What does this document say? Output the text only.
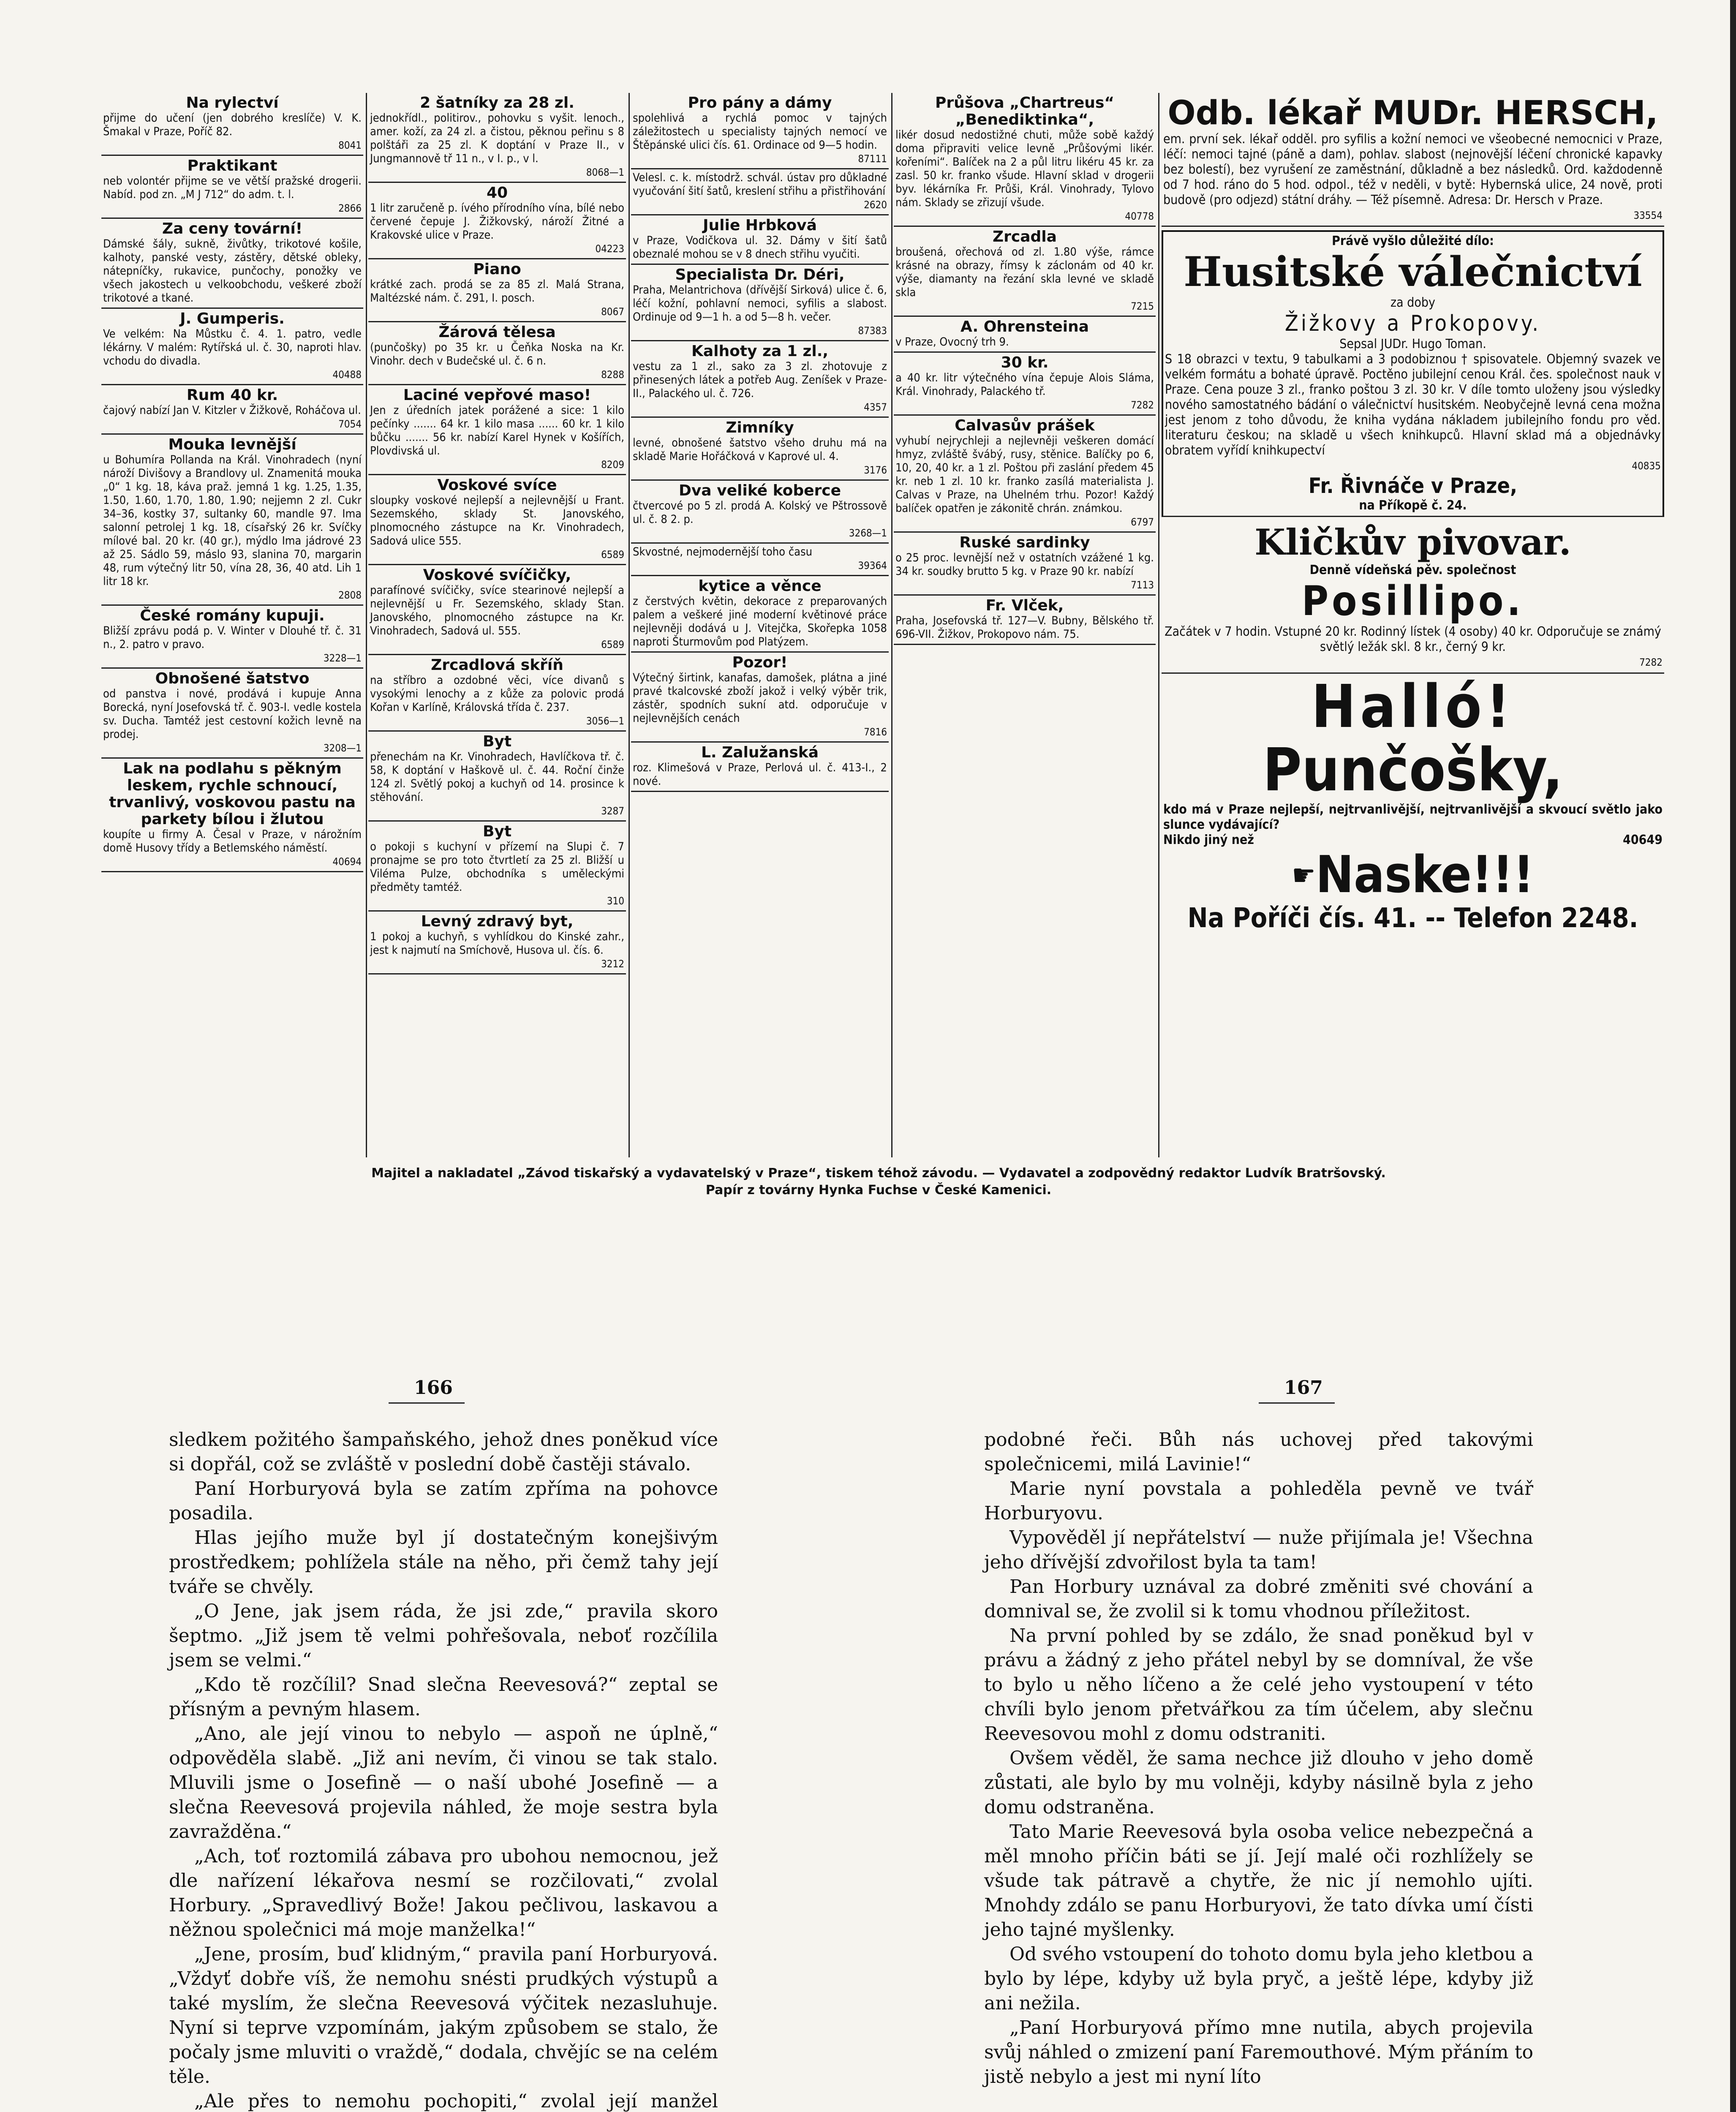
Na rylectví
přijme do učení (jen dobrého kreslíče) V. K. Šmakal v Praze, Poříč 82.
8041
Praktikant
neb volontér přijme se ve větší pražské drogerii. Nabíd. pod zn. „M J 712“ do adm. t. l.
2866
Za ceny tovární!
Dámské šály, sukně, živůtky, trikotové košile, kalhoty, panské vesty, zástěry, dětské obleky, nátepníčky, rukavice, punčochy, ponožky ve všech jakostech u velkoobchodu, veškeré zboží trikotové a tkané.
J. Gumperis.
Ve velkém: Na Můstku č. 4. 1. patro, vedle lékárny. V malém: Rytířská ul. č. 30, naproti hlav. vchodu do divadla.
40488
Rum 40 kr.
čajový nabízí Jan V. Kitzler v Žižkově, Roháčova ul.
7054
Mouka levnější
u Bohumíra Pollanda na Král. Vinohradech (nyní nároží Divišovy a Brandlovy ul. Znamenitá mouka „0“ 1 kg. 18, káva praž. jemná 1 kg. 1.25, 1.35, 1.50, 1.60, 1.70, 1.80, 1.90; nejjemn 2 zl. Cukr 34–36, kostky 37, sultanky 60, mandle 97. Ima salonní petrolej 1 kg. 18, císařský 26 kr. Svíčky mílové bal. 20 kr. (40 gr.), mýdlo Ima jádrové 23 až 25. Sádlo 59, máslo 93, slanina 70, margarin 48, rum výtečný litr 50, vína 28, 36, 40 atd. Lih 1 litr 18 kr.
2808
České romány kupuji.
Bližší zprávu podá p. V. Winter v Dlouhé tř. č. 31 n., 2. patro v pravo.
3228—1
Obnošené šatstvo
od panstva i nové, prodává i kupuje Anna Borecká, nyní Josefovská tř. č. 903-I. vedle kostela sv. Ducha. Tamtéž jest cestovní kožich levně na prodej.
3208—1
Lak na podlahu s pěkným leskem, rychle schnoucí, trvanlivý, voskovou pastu na parkety bílou i žlutou
koupíte u firmy A. Česal v Praze, v nárožním domě Husovy třídy a Betlemského náměstí.
40694
2 šatníky za 28 zl.
jednokřídl., politirov., pohovku s vyšit. lenoch., amer. koží, za 24 zl. a čistou, pěknou peřinu s 8 polštáři za 25 zl. K doptání v Praze II., v Jungmannově tř 11 n., v I. p., v l.
8068—1
40
1 litr zaručeně p. ívého přírodního vína, bílé nebo červené čepuje J. Žižkovský, nároží Žitné a Krakovské ulice v Praze.
04223
Piano
krátké zach. prodá se za 85 zl. Malá Strana, Maltézské nám. č. 291, I. posch.
8067
Žárová tělesa
(punčošky) po 35 kr. u Čeňka Noska na Kr. Vinohr. dech v Budečské ul. č. 6 n.
8288
Laciné vepřové maso!
Jen z úředních jatek porážené a sice: 1 kilo pečínky ....... 64 kr. 1 kilo masa ...... 60 kr. 1 kilo bůčku ....... 56 kr. nabízí Karel Hynek v Košířích, Plovdivská ul.
8209
Voskové svíce
sloupky voskové nejlepší a nejlevnější u Frant. Sezemského, sklady St. Janovského, plnomocného zástupce na Kr. Vinohradech, Sadová ulice 555.
6589
Voskové svíčičky,
parafínové svíčičky, svíce stearinové nejlepší a nejlevnější u Fr. Sezemského, sklady Stan. Janovského, plnomocného zástupce na Kr. Vinohradech, Sadová ul. 555.
6589
Zrcadlová skříň
na stříbro a ozdobné věci, více divanů s vysokými lenochy a z kůže za polovic prodá Kořan v Karlíně, Královská třída č. 237.
3056—1
Byt
přenechám na Kr. Vinohradech, Havlíčkova tř. č. 58, K doptání v Haškově ul. č. 44. Roční činže 124 zl. Světlý pokoj a kuchyň od 14. prosince k stěhování.
3287
Byt
o pokoji s kuchyní v přízemí na Slupi č. 7 pronajme se pro toto čtvrtletí za 25 zl. Bližší u Viléma Pulze, obchodníka s uměleckými předměty tamtéž.
310
Levný zdravý byt,
1 pokoj a kuchyň, s vyhlídkou do Kinské zahr., jest k najmutí na Smíchově, Husova ul. čís. 6.
3212
Pro pány a dámy
spolehlivá a rychlá pomoc v tajných záležitostech u specialisty tajných nemocí ve Štěpánské ulici čís. 61. Ordinace od 9—5 hodin.
87111
Velesl. c. k. místodrž. schvál. ústav pro důkladné vyučování šití šatů, kreslení střihu a přistřihování
2620
Julie Hrbková
v Praze, Vodičkova ul. 32. Dámy v šití šatů obeznalé mohou se v 8 dnech střihu vyučiti.
Specialista Dr. Déri,
Praha, Melantrichova (dřívější Sirková) ulice č. 6, léčí kožní, pohlavní nemoci, syfilis a slabost. Ordinuje od 9—1 h. a od 5—8 h. večer.
87383
Kalhoty za 1 zl.,
vestu za 1 zl., sako za 3 zl. zhotovuje z přinesených látek a potřeb Aug. Zeníšek v Praze-II., Palackého ul. č. 726.
4357
Zimníky
levné, obnošené šatstvo všeho druhu má na skladě Marie Hořáčková v Kaprové ul. 4.
3176
Dva veliké koberce
čtvercové po 5 zl. prodá A. Kolský ve Pštrossově ul. č. 8 2. p.
3268—1
Skvostné, nejmodernější toho času
39364
kytice a věnce
z čerstvých květin, dekorace z preparovaných palem a veškeré jiné moderní květinové práce nejlevněji dodává u J. Vitejčka, Skořepka 1058 naproti Šturmovům pod Platýzem.
Pozor!
Výtečný širtink, kanafas, damošek, plátna a jiné pravé tkalcovské zboží jakož i velký výběr trik, zástěr, spodních sukní atd. odporučuje v nejlevnějších cenách
7816
L. Zalužanská
roz. Klimešová v Praze, Perlová ul. č. 413-I., 2 nové.
Průšova „Chartreus“ „Benediktinka“,
likér dosud nedostižné chuti, může sobě každý doma připraviti velice levně „Průšovými likér. kořeními“. Balíček na 2 a půl litru likéru 45 kr. za zasl. 50 kr. franko všude. Hlavní sklad v drogerii byv. lékárníka Fr. Průši, Král. Vinohrady, Tylovo nám. Sklady se zřizují všude.
40778
Zrcadla
broušená, ořechová od zl. 1.80 výše, rámce krásné na obrazy, římsy k záclonám od 40 kr. výše, diamanty na řezání skla levné ve skladě skla
7215
A. Ohrensteina
v Praze, Ovocný trh 9.
30 kr.
a 40 kr. litr výtečného vína čepuje Alois Sláma, Král. Vinohrady, Palackého tř.
7282
Calvasův prášek
vyhubí nejrychleji a nejlevněji veškeren domácí hmyz, zvláště švábý, rusy, stěnice. Balíčky po 6, 10, 20, 40 kr. a 1 zl. Poštou při zaslání předem 45 kr. neb 1 zl. 10 kr. franko zasílá materialista J. Calvas v Praze, na Uhelném trhu. Pozor! Každý balíček opatřen je zákonitě chrán. známkou.
6797
Ruské sardinky
o 25 proc. levnější než v ostatních vzážené 1 kg. 34 kr. soudky brutto 5 kg. v Praze 90 kr. nabízí
7113
Fr. Vlček,
Praha, Josefovská tř. 127—V. Bubny, Bělského tř. 696-VII. Žižkov, Prokopovo nám. 75.
Odb. lékař MUDr. HERSCH,
em. první sek. lékař odděl. pro syfilis a kožní nemoci ve všeobecné nemocnici v Praze, léčí: nemoci tajné (páně a dam), pohlav. slabost (nejnovější léčení chronické kapavky bez bolestí), bez vyrušení ze zaměstnání, důkladně a bez následků. Ord. každodenně od 7 hod. ráno do 5 hod. odpol., též v neděli, v bytě: Hybernská ulice, 24 nově, proti budově (pro odjezd) státní dráhy. — Též písemně. Adresa: Dr. Hersch v Praze.
33554
Právě vyšlo důležité dílo:
Husitské válečnictví
za doby
Žižkovy a Prokopovy.
Sepsal JUDr. Hugo Toman.
S 18 obrazci v textu, 9 tabulkami a 3 podobiznou † spisovatele. Objemný svazek ve velkém formátu a bohaté úpravě. Poctěno jubilejní cenou Král. čes. společnost nauk v Praze. Cena pouze 3 zl., franko poštou 3 zl. 30 kr. V díle tomto uloženy jsou výsledky nového samostatného bádání o válečnictví husitském. Neobyčejně levná cena možna jest jenom z toho důvodu, že kniha vydána nákladem jubilejního fondu pro věd. literaturu českou; na skladě u všech knihkupců. Hlavní sklad má a objednávky obratem vyřídí knihkupectví
40835
Fr. Řivnáče v Praze,
na Příkopě č. 24.
Kličkův pivovar.
Denně vídeňská pěv. společnost
Posillipo.
Začátek v 7 hodin. Vstupné 20 kr. Rodinný lístek (4 osoby) 40 kr. Odporučuje se známý světlý ležák skl. 8 kr., černý 9 kr.
7282
Halló!
Punčošky,
kdo má v Praze nejlepší, nejtrvanlivější, nejtrvanlivější a skvoucí světlo jako slunce vydávající?
Nikdo jiný než	40649
☛ Naske!!!
Na Poříči čís. 41. -- Telefon 2248.
Majitel a nakladatel „Závod tiskařský a vydavatelský v Praze“, tiskem téhož závodu. — Vydavatel a zodpovědný redaktor Ludvík Bratršovský.
Papír z továrny Hynka Fuchse v České Kamenici.
166	167

sledkem požitého šampaňského, jehož dnes poněkud více si dopřál, což se zvláště v poslední době častěji stávalo.

Paní Horburyová byla se zatím zpříma na pohovce posadila.

Hlas jejího muže byl jí dostatečným konejšivým prostředkem; pohlížela stále na něho, při čemž tahy její tváře se chvěly.

„O Jene, jak jsem ráda, že jsi zde,“ pravila skoro šeptmo. „Již jsem tě velmi pohřešovala, neboť rozčílila jsem se velmi.“

„Kdo tě rozčílil? Snad slečna Reevesová?“ zeptal se přísným a pevným hlasem.

„Ano, ale její vinou to nebylo — aspoň ne úplně,“ odpověděla slabě. „Již ani nevím, či vinou se tak stalo. Mluvili jsme o Josefině — o naší ubohé Josefině — a slečna Reevesová projevila náhled, že moje sestra byla zavražděna.“

„Ach, toť roztomilá zábava pro ubohou nemocnou, jež dle nařízení lékařova nesmí se rozčilovati,“ zvolal Horbury. „Spravedlivý Bože! Jakou pečlivou, laskavou a něžnou společnici má moje manželka!“

„Jene, prosím, buď klidným,“ pravila paní Horburyová. „Vždyť dobře víš, že nemohu snésti prudkých výstupů a také myslím, že slečna Reevesová výčitek nezasluhuje. Nyní si teprve vzpomínám, jakým způsobem se stalo, že počaly jsme mluviti o vraždě,“ dodala, chvějíc se na celém těle.

„Ale přes to nemohu pochopiti,“ zvolal její manžel

podobné řeči. Bůh nás uchovej před takovými společnicemi, milá Lavinie!“

Marie nyní povstala a pohleděla pevně ve tvář Horburyovu.

Vypověděl jí nepřátelství — nuže přijímala je! Všechna jeho dřívější zdvořilost byla ta tam!

Pan Horbury uznával za dobré změniti své chování a domnival se, že zvolil si k tomu vhodnou příležitost.

Na první pohled by se zdálo, že snad poněkud byl v právu a žádný z jeho přátel nebyl by se domníval, že vše to bylo u něho líčeno a že celé jeho vystoupení v této chvíli bylo jenom přetvářkou za tím účelem, aby slečnu Reevesovou mohl z domu odstraniti.

Ovšem věděl, že sama nechce již dlouho v jeho domě zůstati, ale bylo by mu volněji, kdyby násilně byla z jeho domu odstraněna.

Tato Marie Reevesová byla osoba velice nebezpečná a měl mnoho příčin báti se jí. Její malé oči rozhlížely se všude tak pátravě a chytře, že nic jí nemohlo ujíti. Mnohdy zdálo se panu Horburyovi, že tato dívka umí čísti jeho tajné myšlenky.

Od svého vstoupení do tohoto domu byla jeho kletbou a bylo by lépe, kdyby už byla pryč, a ještě lépe, kdyby již ani nežila.

„Paní Horburyová přímo mne nutila, abych projevila svůj náhled o zmizení paní Faremouthové. Mým přáním to jistě nebylo a jest mi nyní líto
